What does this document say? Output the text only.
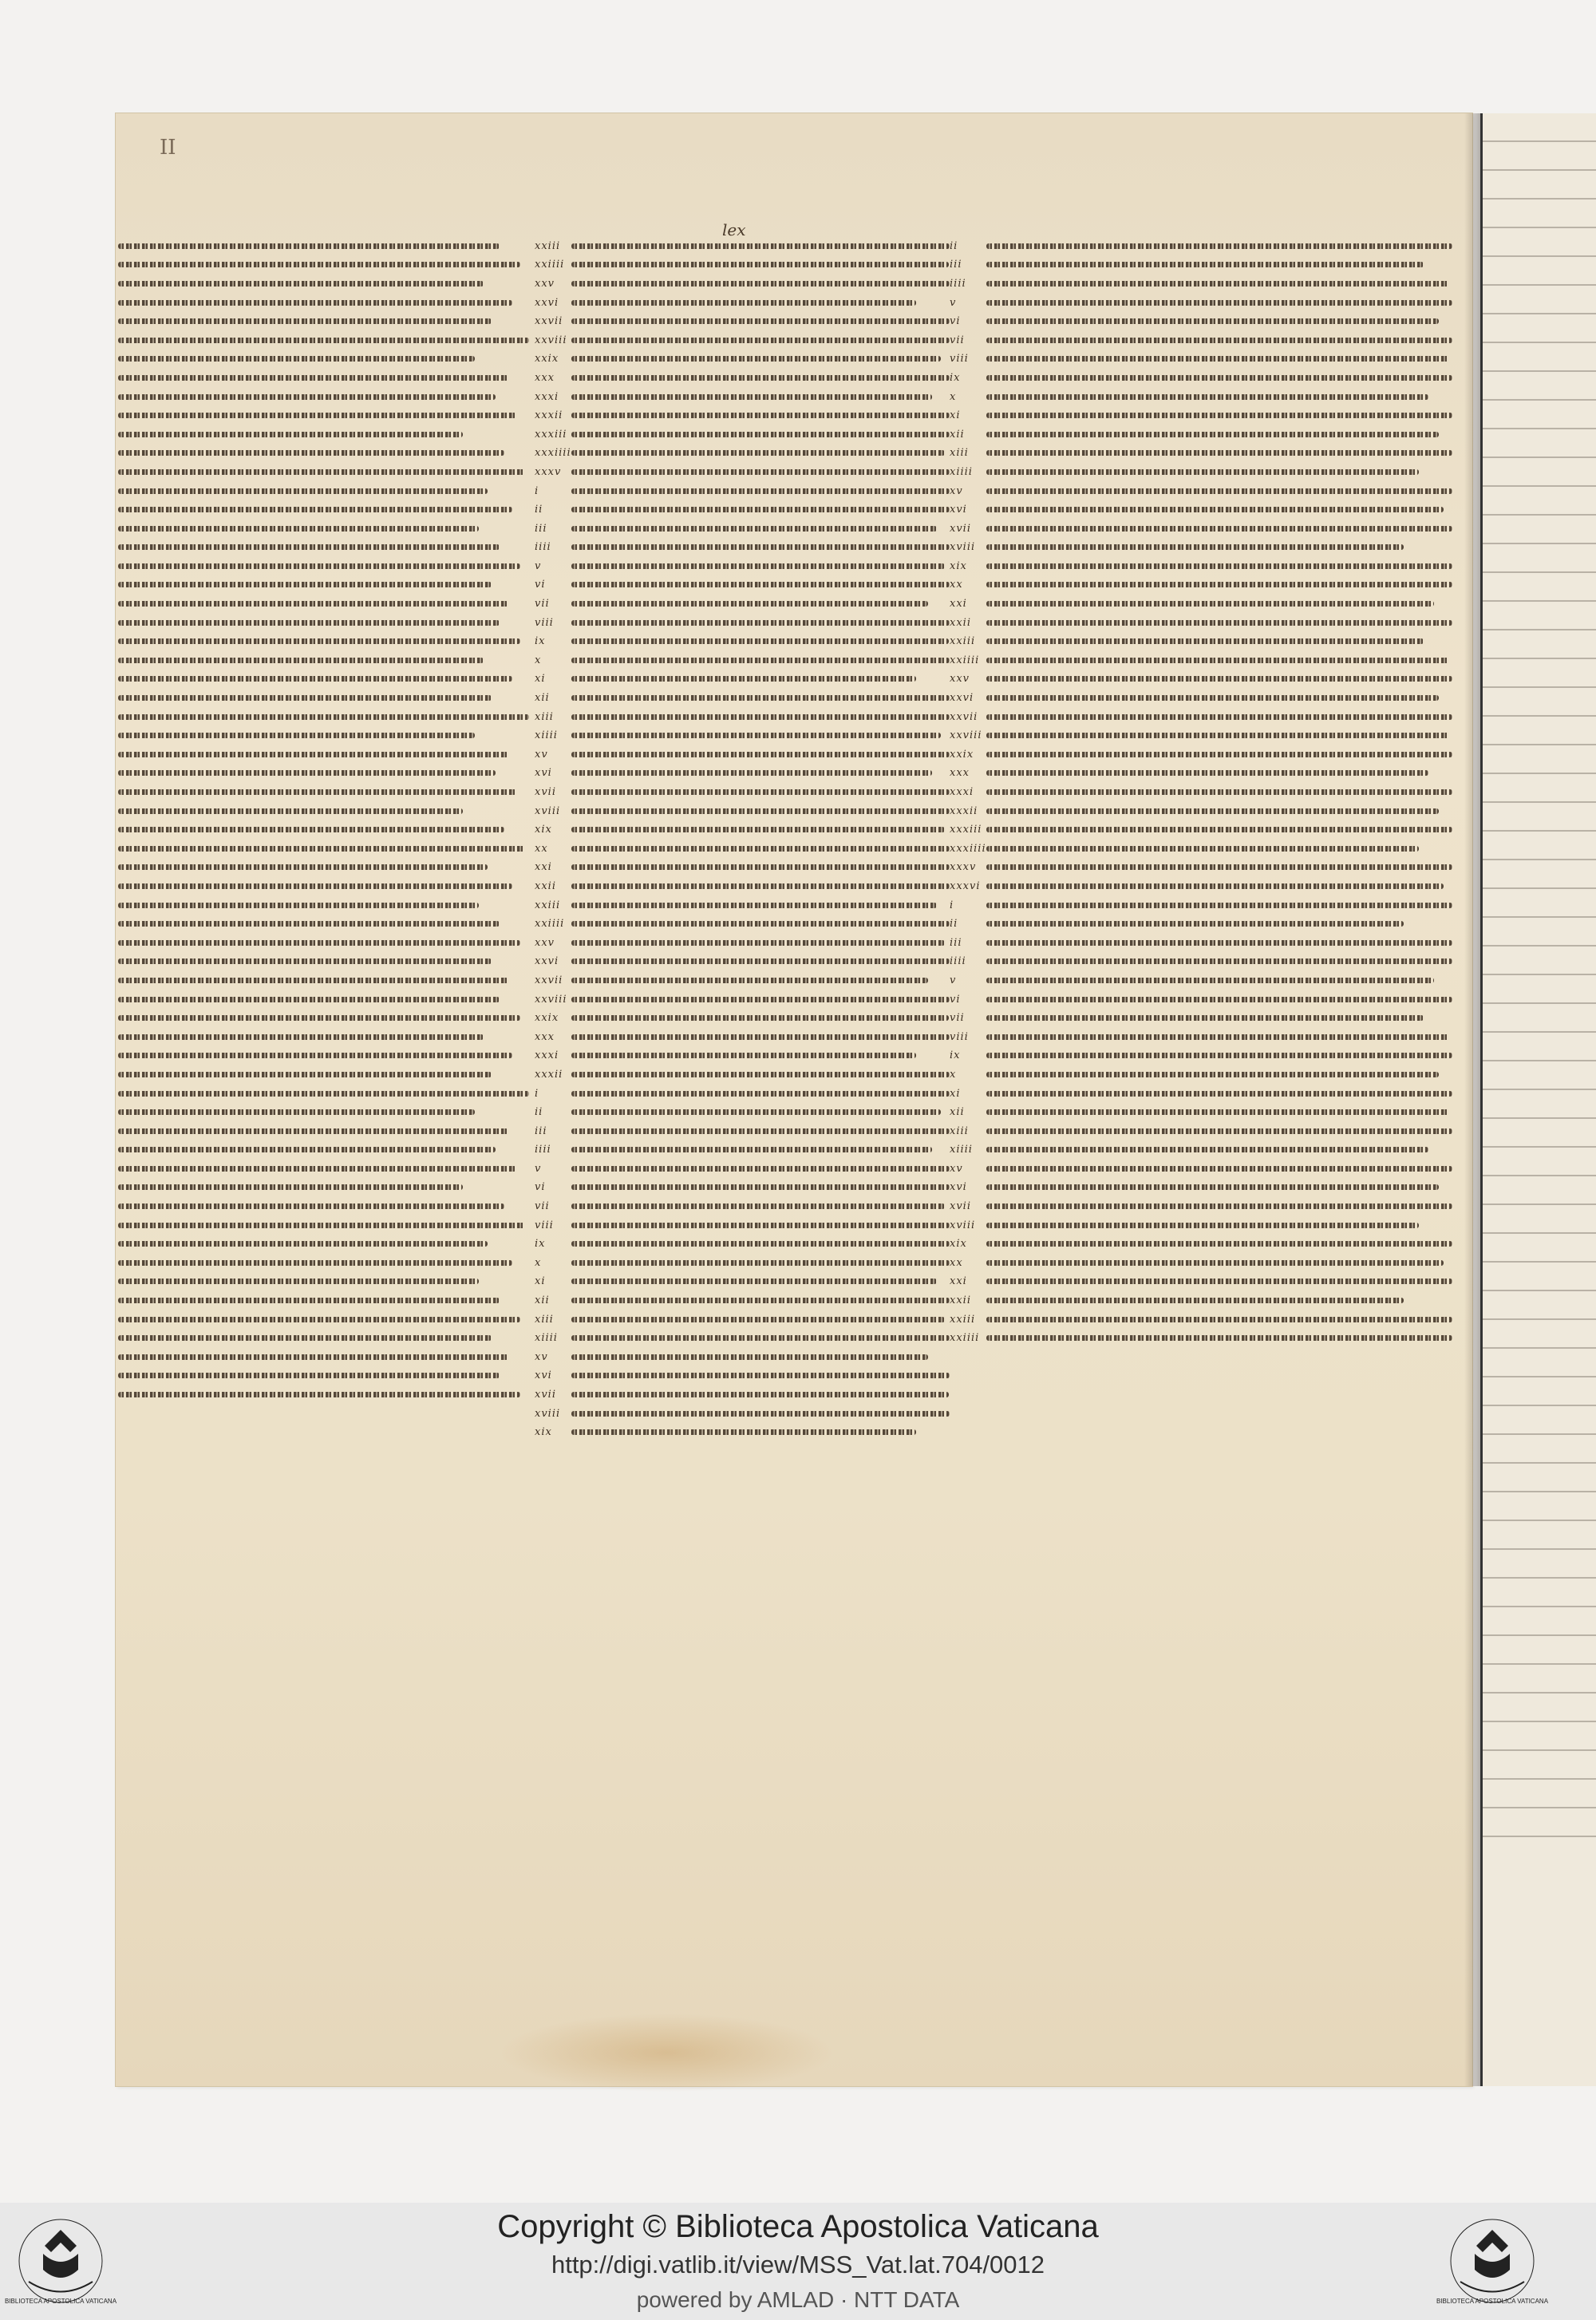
II
lex
xxiii
xxiiii
xxv
xxvi
xxvii
xxviii
xxix
xxx
xxxi
xxxii
xxxiii
xxxiiii
xxxv
i
ii
iii
iiii
v
vi
vii
viii
ix
x
xi
xii
xiii
xiiii
xv
xvi
xvii
xviii
xix
xx
xxi
xxii
xxiii
xxiiii
xxv
xxvi
xxvii
xxviii
xxix
xxx
xxxi
xxxii
i
ii
iii
iiii
v
vi
vii
viii
ix
x
xi
xii
xiii
xiiii
xv
xvi
xvii
xviii
xix
ii
iii
iiii
v
vi
vii
viii
ix
x
xi
xii
xiii
xiiii
xv
xvi
xvii
xviii
xix
xx
xxi
xxii
xxiii
xxiiii
xxv
xxvi
xxvii
xxviii
xxix
xxx
xxxi
xxxii
xxxiii
xxxiiii
xxxv
xxxvi
i
ii
iii
iiii
v
vi
vii
viii
ix
x
xi
xii
xiii
xiiii
xv
xvi
xvii
xviii
xix
xx
xxi
xxii
xxiii
xxiiii
BIBLIOTECA APOSTOLICA VATICANA
Copyright © Biblioteca Apostolica Vaticana
http://digi.vatlib.it/view/MSS_Vat.lat.704/0012
powered by AMLAD · NTT DATA	BIBLIOTECA APOSTOLICA VATICANA
